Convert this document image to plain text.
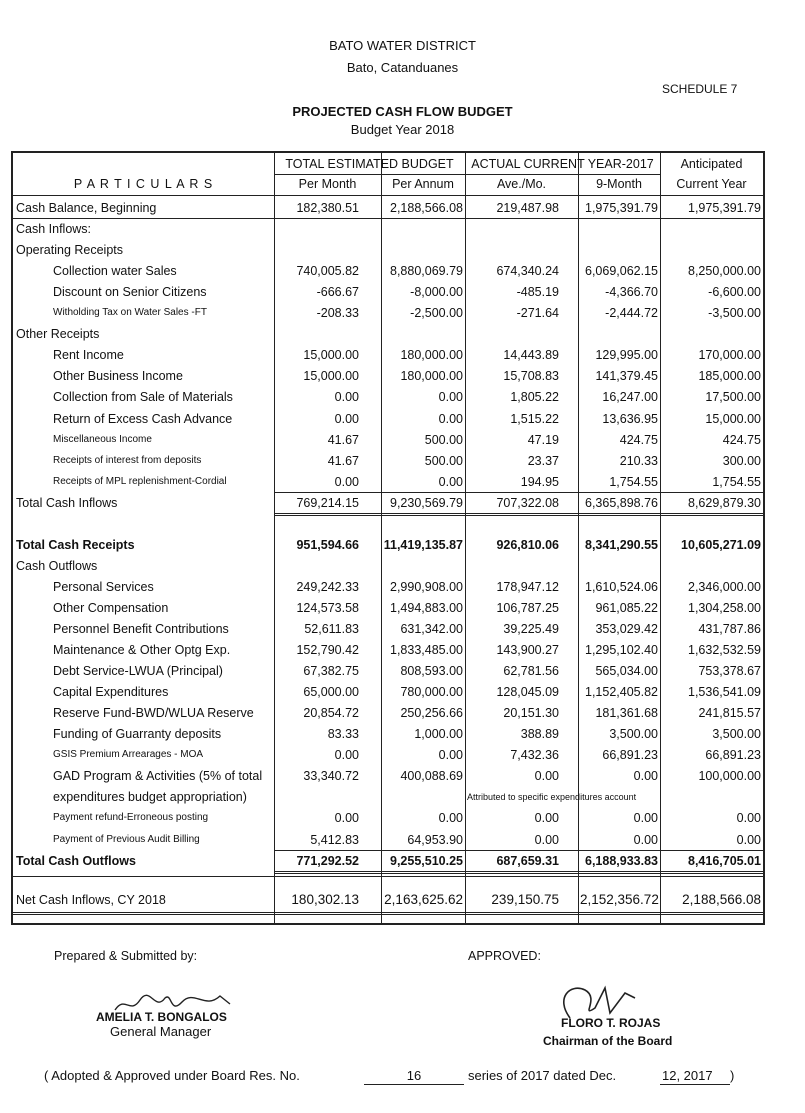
BATO WATER DISTRICT
Bato, Catanduanes
SCHEDULE 7
PROJECTED CASH FLOW BUDGET
Budget Year 2018
TOTAL ESTIMATED BUDGET	ACTUAL CURRENT YEAR-2017	Anticipated
P A R T I C U L A R S	Per Month	Per Annum	Ave./Mo.	9-Month	Current Year
Cash Balance, Beginning	182,380.51	2,188,566.08	219,487.98	1,975,391.79	1,975,391.79
Cash Inflows:
Operating Receipts
Collection water Sales	740,005.82	8,880,069.79	674,340.24	6,069,062.15	8,250,000.00
Discount on Senior Citizens	-666.67	-8,000.00	-485.19	-4,366.70	-6,600.00
Witholding Tax on Water Sales -FT	-208.33	-2,500.00	-271.64	-2,444.72	-3,500.00
Other Receipts
Rent Income	15,000.00	180,000.00	14,443.89	129,995.00	170,000.00
Other Business Income	15,000.00	180,000.00	15,708.83	141,379.45	185,000.00
Collection from Sale of Materials	0.00	0.00	1,805.22	16,247.00	17,500.00
Return of Excess Cash Advance	0.00	0.00	1,515.22	13,636.95	15,000.00
Miscellaneous Income	41.67	500.00	47.19	424.75	424.75
Receipts of interest from deposits	41.67	500.00	23.37	210.33	300.00
Receipts of MPL replenishment-Cordial	0.00	0.00	194.95	1,754.55	1,754.55
Total Cash Inflows	769,214.15	9,230,569.79	707,322.08	6,365,898.76	8,629,879.30
Total Cash Receipts	951,594.66 11,419,135.87	926,810.06	8,341,290.55	10,605,271.09
Cash Outflows
Personal Services	249,242.33	2,990,908.00	178,947.12	1,610,524.06	2,346,000.00
Other Compensation	124,573.58	1,494,883.00	106,787.25	961,085.22	1,304,258.00
Personnel Benefit Contributions	52,611.83	631,342.00	39,225.49	353,029.42	431,787.86
Maintenance & Other Optg Exp.	152,790.42	1,833,485.00	143,900.27	1,295,102.40	1,632,532.59
Debt Service-LWUA (Principal)	67,382.75	808,593.00	62,781.56	565,034.00	753,378.67
Capital Expenditures	65,000.00	780,000.00	128,045.09	1,152,405.82	1,536,541.09
Reserve Fund-BWD/WLUA Reserve	20,854.72	250,256.66	20,151.30	181,361.68	241,815.57
Funding of Guarranty deposits	83.33	1,000.00	388.89	3,500.00	3,500.00
GSIS Premium Arrearages - MOA	0.00	0.00	7,432.36	66,891.23	66,891.23
GAD Program & Activities (5% of total	33,340.72	400,088.69	0.00	0.00	100,000.00
expenditures budget appropriation)
Payment refund-Erroneous posting	0.00	0.00	0.00	0.00	0.00
Payment of Previous Audit Billing	5,412.83	64,953.90	0.00	0.00	0.00
Total Cash Outflows	771,292.52	9,255,510.25	687,659.31	6,188,933.83	8,416,705.01
Attributed to specific expenditures account
Net Cash Inflows, CY 2018	180,302.13 2,163,625.62	239,150.75 2,152,356.72	2,188,566.08
Prepared & Submitted by:	APPROVED:
AMELIA T. BONGALOS
General Manager
FLORO T. ROJAS
Chairman of the Board
( Adopted & Approved under Board Res. No.	16	series of 2017 dated Dec.	12, 2017 )
